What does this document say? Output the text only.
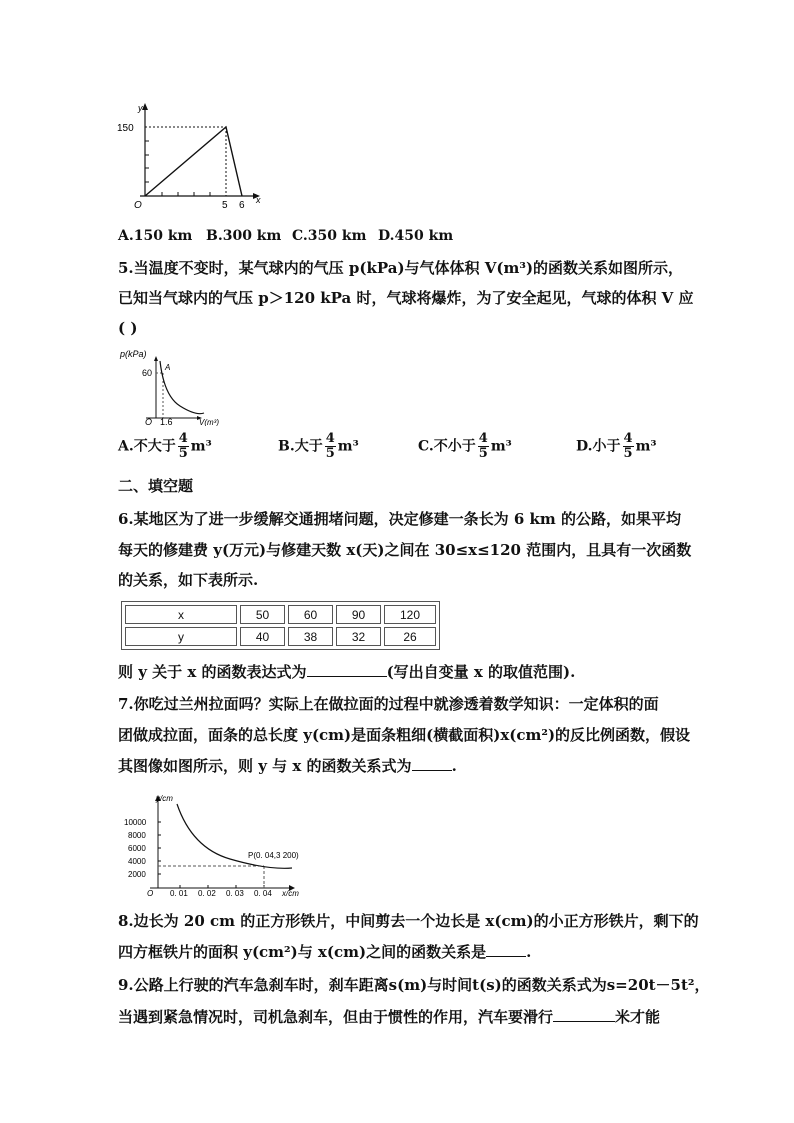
y
x
150
O	5 6
A.150 km B.300 km C.350 km D.450 km
5.当温度不变时，某气球内的气压 p(kPa)与气体体积 V(m³)的函数关系如图所示，
已知当气球内的气压 p＞120 kPa 时，气球将爆炸，为了安全起见，气球的体积 V 应
( )
p(kPa)
A
60
O 1.6	V(m³)
A.不大于 $\frac{4}{5} m^3$	B.大于 $\frac{4}{5} m^3$	C.不小于 $\frac{4}{5} m^3$	D.小于 $\frac{4}{5} m^3$
二、填空题
6.某地区为了进一步缓解交通拥堵问题，决定修建一条长为 6 km 的公路，如果平均
每天的修建费 y(万元)与修建天数 x(天)之间在 30≤x≤120 范围内，且具有一次函数
的关系，如下表所示.
x	50	60	90	120
y	40	38	32	26
则 y 关于 x 的函数表达式为	(写出自变量 x 的取值范围).
7.你吃过兰州拉面吗？实际上在做拉面的过程中就渗透着数学知识：一定体积的面
团做成拉面，面条的总长度 y(cm)是面条粗细(横截面积)x(cm²)的反比例函数，假设
其图像如图所示，则 y 与 x 的函数关系式为	.
y/cm
10000
8000
6000
4000
2000
O 0. 01 0. 02 0. 03 0. 04 x/cm
P(0. 04,3 200)
8.边长为 20 cm 的正方形铁片，中间剪去一个边长是 x(cm)的小正方形铁片，剩下的
四方框铁片的面积 y(cm²)与 x(cm)之间的函数关系是	.
9.公路上行驶的汽车急刹车时，刹车距离s(m)与时间t(s)的函数关系式为s=20t－5t²，
当遇到紧急情况时，司机急刹车，但由于惯性的作用，汽车要滑行	米才能
